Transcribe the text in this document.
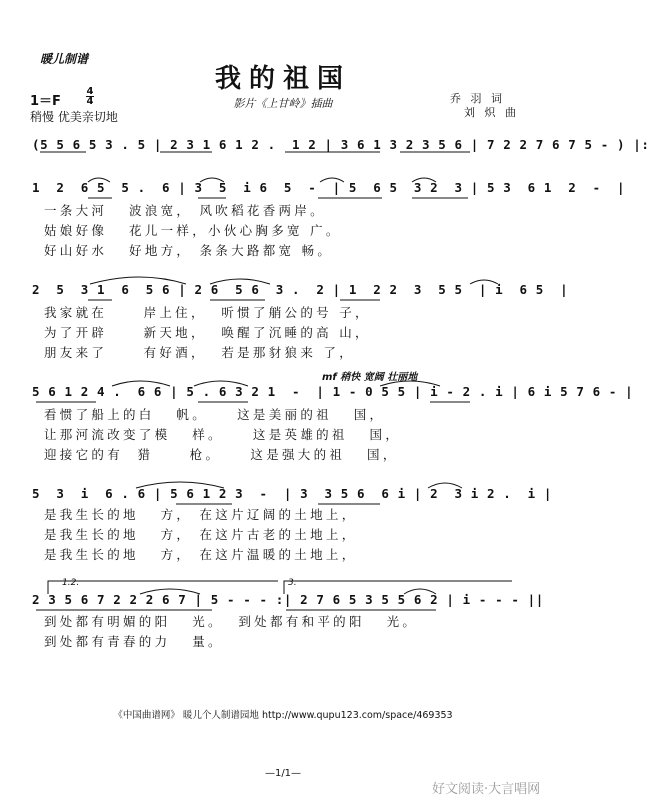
暖儿制谱
我的祖国
1＝F
4
4
稍慢 优美亲切地
影片《上甘岭》插曲	乔 羽 词
刘 炽 曲
(5 5 6 5 3 . 5 | 2 3 1 6 1 2 .  1 2 | 3 6 1 3 2 3 5 6 | 7 2 2 7 6 7 5 - ) |:
1  2  6 5  5 .  6 | 3  5  i 6  5  -  | 5  6 5  3 2  3 | 5 3  6 1  2  -  |
一条大河   波浪宽， 风吹稻花香两岸。
姑娘好像   花儿一样，小伙心胸多宽 广。
好山好水   好地方， 条条大路都宽 畅。
2  5  3 1  6  5 6 | 2 6  5 6  3 .  2 | 1  2 2  3  5 5  | i  6 5  |
我家就在     岸上住，  听惯了艄公的号 子，
为了开辟     新天地，  唤醒了沉睡的高 山，
朋友来了     有好酒，  若是那豺狼来 了，
mf 稍快 宽阔 壮丽地
5 6 1 2 4 .  6 6 | 5 . 6 3 2 1  -  | 1 - 0 5 5 | i - 2 . i | 6 i 5 7 6 - |
看惯了船上的白   帆。    这是美丽的祖   国，
让那河流改变了模   样。    这是英雄的祖   国，
迎接它的有  猎     枪。    这是强大的祖   国，
5  3  i  6 . 6 | 5 6 1 2 3  -  | 3  3 5 6  6 i | 2  3 i 2 .  i |
是我生长的地   方， 在这片辽阔的土地上，
是我生长的地   方， 在这片古老的土地上，
是我生长的地   方， 在这片温暖的土地上，
1.2.	3.
2 3 5 6 7 2 2 2 6 7 | 5 - - - :| 2 7 6 5 3 5 5 6 2 | i - - - ||
到处都有明媚的阳   光。  到处都有和平的阳   光。
到处都有青春的力   量。
《中国曲谱网》 暖儿个人制谱园地 http://www.qupu123.com/space/469353
—1/1—
好文阅读·大言唱网
